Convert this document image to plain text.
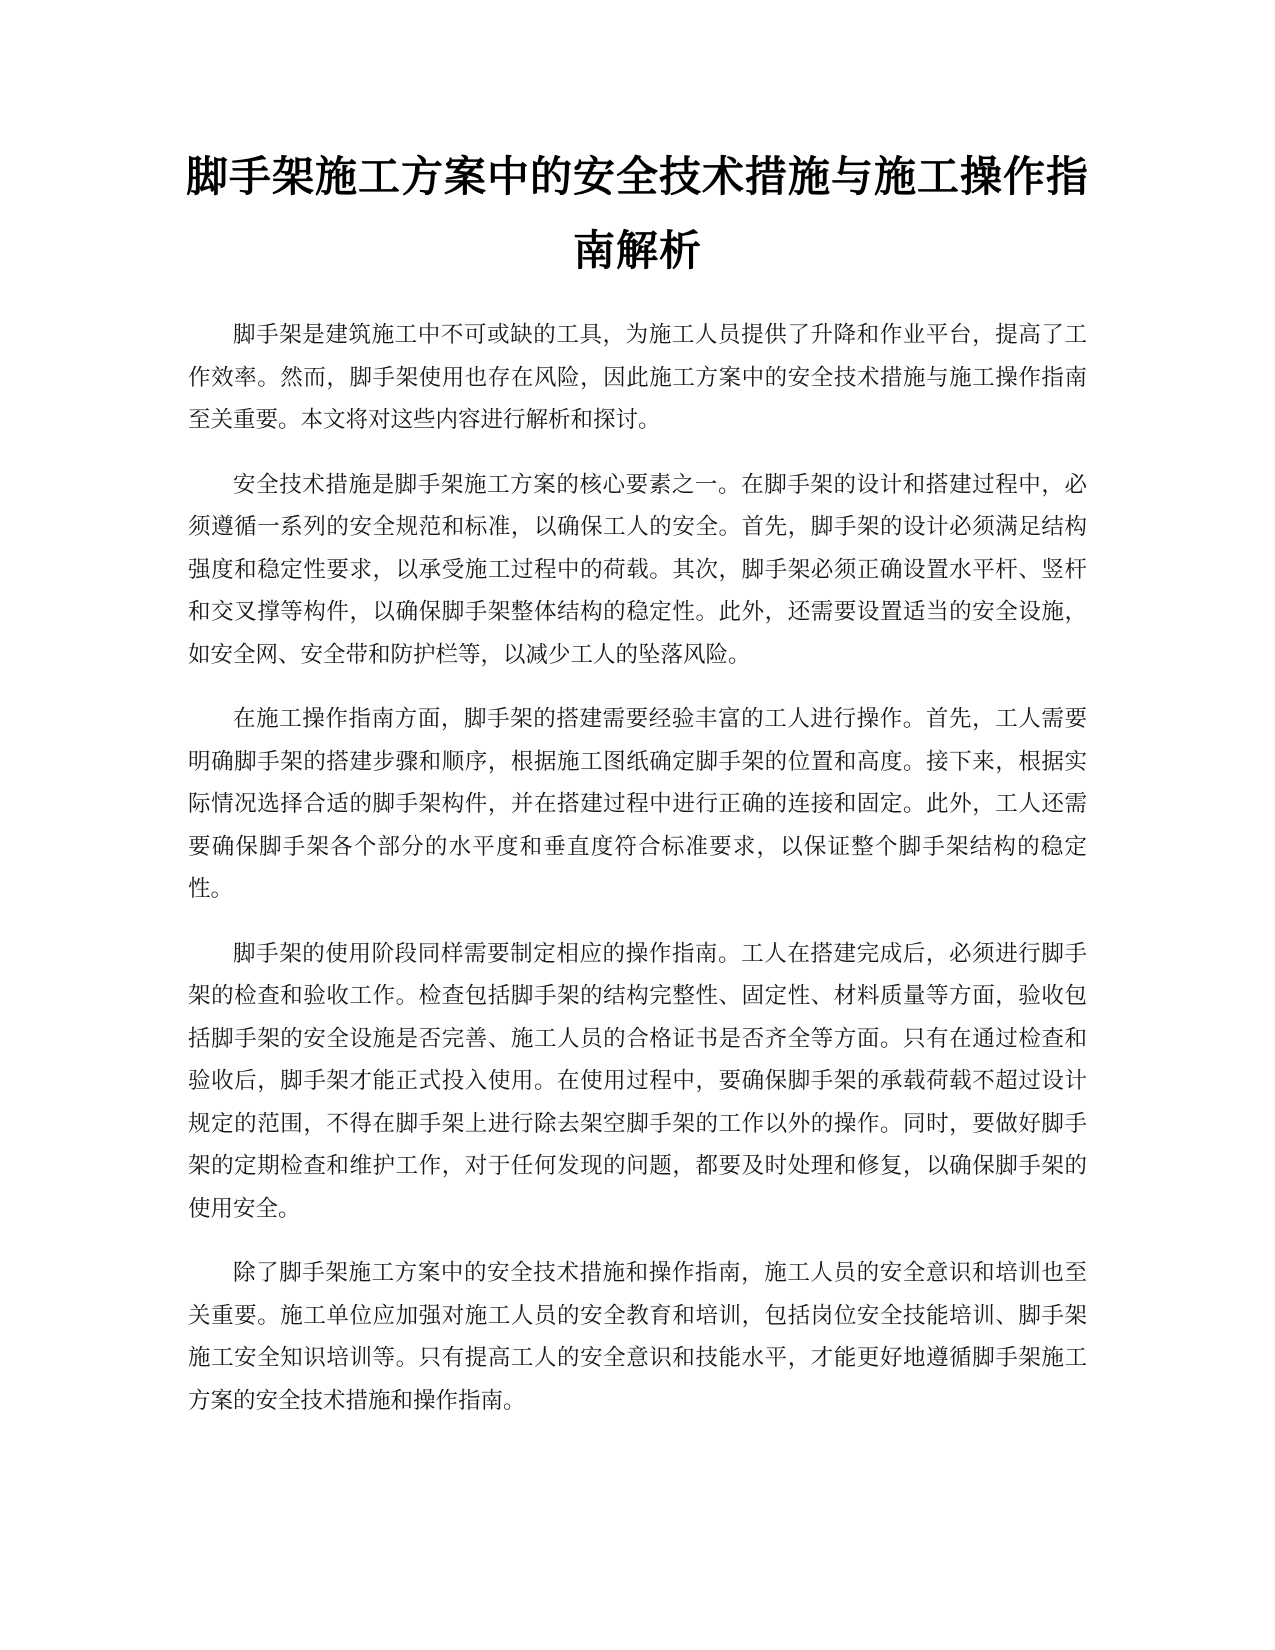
脚手架施工方案中的安全技术措施与施工操作指南解析

脚手架是建筑施工中不可或缺的工具，为施工人员提供了升降和作业平台，提高了工作效率。然而，脚手架使用也存在风险，因此施工方案中的安全技术措施与施工操作指南至关重要。本文将对这些内容进行解析和探讨。

安全技术措施是脚手架施工方案的核心要素之一。在脚手架的设计和搭建过程中，必须遵循一系列的安全规范和标准，以确保工人的安全。首先，脚手架的设计必须满足结构强度和稳定性要求，以承受施工过程中的荷载。其次，脚手架必须正确设置水平杆、竖杆和交叉撑等构件，以确保脚手架整体结构的稳定性。此外，还需要设置适当的安全设施，如安全网、安全带和防护栏等，以减少工人的坠落风险。

在施工操作指南方面，脚手架的搭建需要经验丰富的工人进行操作。首先，工人需要明确脚手架的搭建步骤和顺序，根据施工图纸确定脚手架的位置和高度。接下来，根据实际情况选择合适的脚手架构件，并在搭建过程中进行正确的连接和固定。此外，工人还需要确保脚手架各个部分的水平度和垂直度符合标准要求，以保证整个脚手架结构的稳定性。

脚手架的使用阶段同样需要制定相应的操作指南。工人在搭建完成后，必须进行脚手架的检查和验收工作。检查包括脚手架的结构完整性、固定性、材料质量等方面，验收包括脚手架的安全设施是否完善、施工人员的合格证书是否齐全等方面。只有在通过检查和验收后，脚手架才能正式投入使用。在使用过程中，要确保脚手架的承载荷载不超过设计规定的范围，不得在脚手架上进行除去架空脚手架的工作以外的操作。同时，要做好脚手架的定期检查和维护工作，对于任何发现的问题，都要及时处理和修复，以确保脚手架的使用安全。

除了脚手架施工方案中的安全技术措施和操作指南，施工人员的安全意识和培训也至关重要。施工单位应加强对施工人员的安全教育和培训，包括岗位安全技能培训、脚手架施工安全知识培训等。只有提高工人的安全意识和技能水平，才能更好地遵循脚手架施工方案的安全技术措施和操作指南。
